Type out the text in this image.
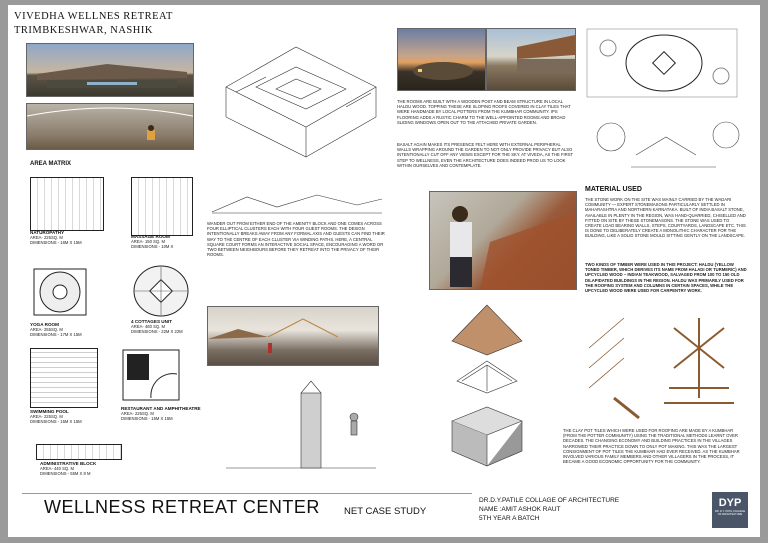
VIVEDHA WELLNES RETREAT
TRIMBKESHWAR, NASHIK
AREA MATRIX
NATUROPATHY
AREA- 225SQ. M
DIMENSIONS - 16M X 15M
MASSAGE ROOM
AREA- 150 SQ. M
DIMENSIONS - 10M X
YOGA ROOM
AREA- 255SQ. M
DIMENSIONS - 17M X 15M
4 COTTAGES UNIT
AREA- 460 SQ. M
DIMENSIONS - 22M X 22M
SWIMMING POOL
AREA- 225SQ. M
DIMENSIONS - 15M X 15M
RESTAURANT AND AMPHITHEATRE
AREA- 225SQ. M
DIMENSIONS - 15M X 15M
ADMINISTRATIVE BLOCK
AREA- 440 SQ. M
DIMENSIONS - 55M X 8 M
WANDER OUT FROM EITHER END OF THE AMENITY BLOCK AND ONE COMES ACROSS FOUR ELLIPTICAL CLUSTERS EACH WITH FOUR GUEST ROOMS. THE DESIGN INTENTIONALLY BREAKS AWAY FROM ANY FORMAL AXIS AND GUESTS CAN FIND THEIR WAY TO THE CENTRE OF EACH CLUSTER VIA WINDING PATHS. HERE, A CENTRAL SQUARE COURT FORMS AN INTERACTIVE SOCIAL SPACE, ENCOURAGING A WORD OR TWO BETWEEN NEIGHBOURS BEFORE THEY RETREAT INTO THE PRIVACY OF THEIR ROOMS.
THE ROOMS ARE BUILT WITH A WOODEN POST AND BEAM STRUCTURE IN LOCAL HALDU WOOD. TOPPING THESE ARE SLOPING ROOFS COVERED IN CLAY TILES THAT WERE HANDMADE BY LOCAL POTTERS FROM THE KUMBHAR COMMUNITY. IPS FLOORING ADDS A RUSTIC CHARM TO THE WELL-APPOINTED ROOMS AND BROAD SLIDING WINDOWS OPEN OUT TO THE ATTACHED PRIVATE GARDEN.
BASALT AGAIN MAKES ITS PRESENCE FELT HERE WITH EXTERNAL PERIPHERAL WALLS WRAPPING AROUND THE GARDEN TO NOT ONLY PROVIDE PRIVACY BUT ALSO INTENTIONALLY CUT OFF ANY VIEWS EXCEPT FOR THE SKY. AT VIVEDA, AS THE FIRST STEP TO WELLNESS, EVEN THE ARCHITECTURE DOES INDEED PROD US TO LOOK WITHIN OURSELVES AND CONTEMPLATE.
MATERIAL USED
THE STONE WORK ON THE SITE WAS MAINLY CARRIED BY THE WADARI COMMUNITY — EXPERT STONEMASONS PARTICULARLY SETTLED IN MAHARASHTRA AND NORTHERN KARNATAKA. BUILT OF INDIA BASALT STONE, AVAILABLE IN PLENTY IN THE REGION, WAS HAND-QUARRIED, CHISELLED AND FITTED ON SITE BY THESE STONEMASONS. THE STONE WAS USED TO CREATE LOAD BEARING WALLS, STEPS, COURTYARDS, LANDSCAPE ETC. THIS IS DONE TO DELIBERATELY CREATE A MONOLITHIC CHARACTER FOR THE BUILDING, LIKE A SOLID STONE MOULD SITTING GENTLY ON THE LANDSCAPE.
TWO KINDS OF TIMBER WERE USED IN THIS PROJECT: HALDU (YELLOW TONED TIMBER, WHICH DERIVES ITS NAME FROM HALADI OR TURMERIC) AND UPCYCLED WOOD – INDIAN TEAKWOOD, SALVAGED FROM 100 TO 150 OLD DILAPIDATED BUILDINGS IN THE REGION. HALDU WAS PRIMARILY USED FOR THE ROOFING SYSTEM AND COLUMNS IN CERTAIN SPACES, WHILE THE UPCYCLED WOOD WERE USED FOR CARPENTRY WORK.
THE CLAY POT TILES WHICH WERE USED FOR ROOFING ARE MADE BY A KUMBHAR (FROM THE POTTER COMMUNITY) USING THE TRADITIONAL METHODS LEARNT OVER DECADES. THE CHANGING ECONOMY AND BUILDING PRACTICES IN THE VILLAGES NARROWED THEIR PRACTICE DOWN TO ONLY POT MAKING. THIS WAS THE LARGEST CONSIGNMENT OF POT TILES THE KUMBHAR HAD EVER RECEIVED. AS THE KUMBHAR INVOLVED VARIOUS FAMILY MEMBERS AND OTHER VILLAGERS IN THE PROCESS, IT BECAME A GOOD ECONOMIC OPPORTUNITY FOR THE COMMUNITY.
WELLNESS RETREAT CENTER	NET CASE STUDY
DR.D.Y.PATILE COLLAGE OF ARCHITECTURE
NAME :AMIT ASHOK RAUT
5TH YEAR A BATCH
DYP
DR. D.Y. PATIL COLLEGE OF ARCHITECTURE
